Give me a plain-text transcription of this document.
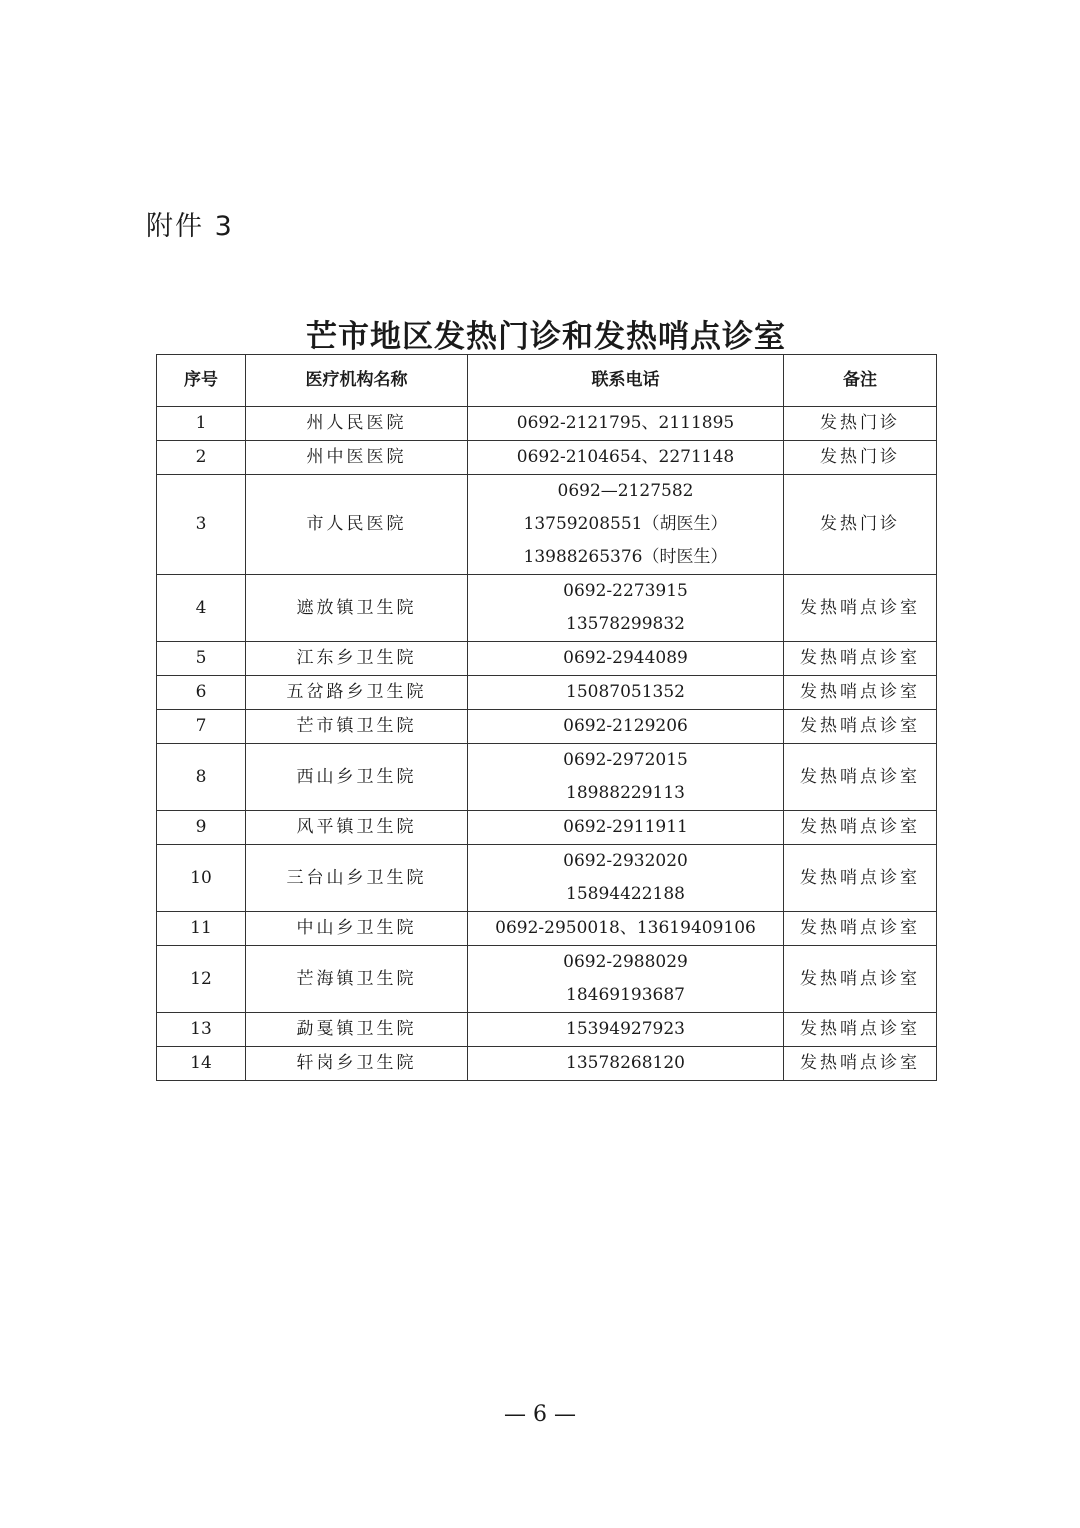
附件 3
芒市地区发热门诊和发热哨点诊室
序号	医疗机构名称	联系电话	备注
1	州人民医院	0692-2121795、2111895	发热门诊
2	州中医医院	0692-2104654、2271148	发热门诊
3	市人民医院	0692—2127582
13759208551（胡医生）
13988265376（时医生）	发热门诊
4	遮放镇卫生院	0692-2273915
13578299832	发热哨点诊室
5	江东乡卫生院	0692-2944089	发热哨点诊室
6	五岔路乡卫生院	15087051352	发热哨点诊室
7	芒市镇卫生院	0692-2129206	发热哨点诊室
8	西山乡卫生院	0692-2972015
18988229113	发热哨点诊室
9	风平镇卫生院	0692-2911911	发热哨点诊室
10	三台山乡卫生院	0692-2932020
15894422188	发热哨点诊室
11	中山乡卫生院	0692-2950018、13619409106	发热哨点诊室
12	芒海镇卫生院	0692-2988029
18469193687	发热哨点诊室
13	勐戛镇卫生院	15394927923	发热哨点诊室
14	轩岗乡卫生院	13578268120	发热哨点诊室
— 6 —
